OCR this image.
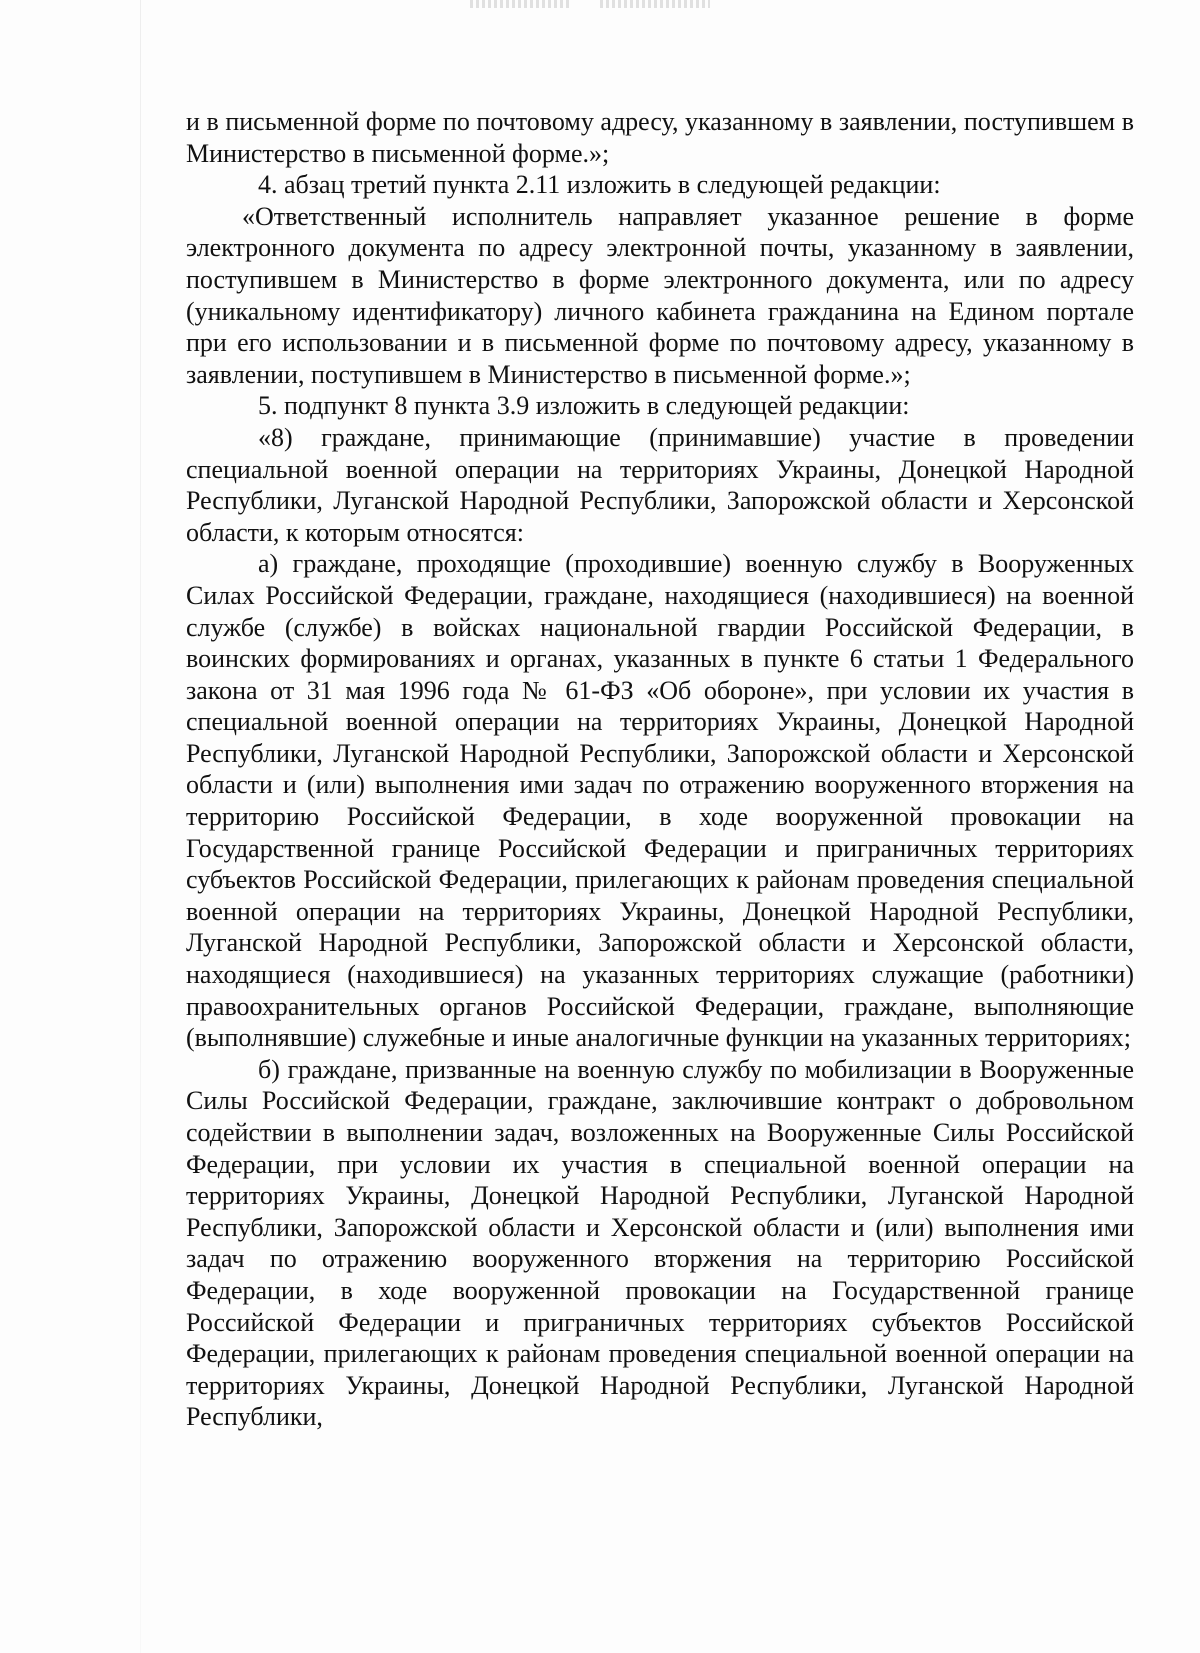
и в письменной форме по почтовому адресу, указанному в заявлении, поступившем в Министерство в письменной форме.»;

4. абзац третий пункта 2.11 изложить в следующей редакции:

«Ответственный исполнитель направляет указанное решение в форме электронного документа по адресу электронной почты, указанному в заявлении, поступившем в Министерство в форме электронного документа, или по адресу (уникальному идентификатору) личного кабинета гражданина на Едином портале при его использовании и в письменной форме по почтовому адресу, указанному в заявлении, поступившем в Министерство в письменной форме.»;

5. подпункт 8 пункта 3.9 изложить в следующей редакции:

«8) граждане, принимающие (принимавшие) участие в проведении специальной военной операции на территориях Украины, Донецкой Народной Республики, Луганской Народной Республики, Запорожской области и Херсонской области, к которым относятся:

а) граждане, проходящие (проходившие) военную службу в Вооруженных Силах Российской Федерации, граждане, находящиеся (находившиеся) на военной службе (службе) в войсках национальной гвардии Российской Федерации, в воинских формированиях и органах, указанных в пункте 6 статьи 1 Федерального закона от 31 мая 1996 года № 61-ФЗ «Об обороне», при условии их участия в специальной военной операции на территориях Украины, Донецкой Народной Республики, Луганской Народной Республики, Запорожской области и Херсонской области и (или) выполнения ими задач по отражению вооруженного вторжения на территорию Российской Федерации, в ходе вооруженной провокации на Государственной границе Российской Федерации и приграничных территориях субъектов Российской Федерации, прилегающих к районам проведения специальной военной операции на территориях Украины, Донецкой Народной Республики, Луганской Народной Республики, Запорожской области и Херсонской области, находящиеся (находившиеся) на указанных территориях служащие (работники) правоохранительных органов Российской Федерации, граждане, выполняющие (выполнявшие) служебные и иные аналогичные функции на указанных территориях;

б) граждане, призванные на военную службу по мобилизации в Вооруженные Силы Российской Федерации, граждане, заключившие контракт о добровольном содействии в выполнении задач, возложенных на Вооруженные Силы Российской Федерации, при условии их участия в специальной военной операции на территориях Украины, Донецкой Народной Республики, Луганской Народной Республики, Запорожской области и Херсонской области и (или) выполнения ими задач по отражению вооруженного вторжения на территорию Российской Федерации, в ходе вооруженной провокации на Государственной границе Российской Федерации и приграничных территориях субъектов Российской Федерации, прилегающих к районам проведения специальной военной операции на территориях Украины, Донецкой Народной Республики, Луганской Народной Республики,
